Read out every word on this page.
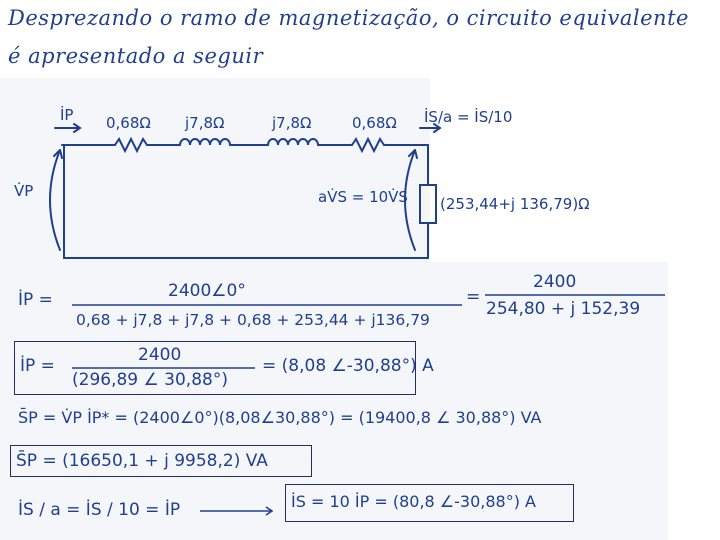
Desprezando o ramo de magnetização, o circuito equivalente
é apresentado a seguir
İP 0,68Ω j7,8Ω	j7,8Ω	0,68Ω İS/a = İS/10
V̇P	aV̇S = 10V̇S (253,44+j 136,79)Ω
İP =	2400∠0°
0,68 + j7,8 + j7,8 + 0,68 + 253,44 + j136,79
=
2400
254,80 + j 152,39
İP =
2400
(296,89 ∠ 30,88°)
= (8,08 ∠-30,88°) A
S̄P = V̇P İP* = (2400∠0°)(8,08∠30,88°) = (19400,8 ∠ 30,88°) VA
S̄P = (16650,1 + j 9958,2) VA
İS / a = İS / 10 = İP	İS = 10 İP = (80,8 ∠-30,88°) A
